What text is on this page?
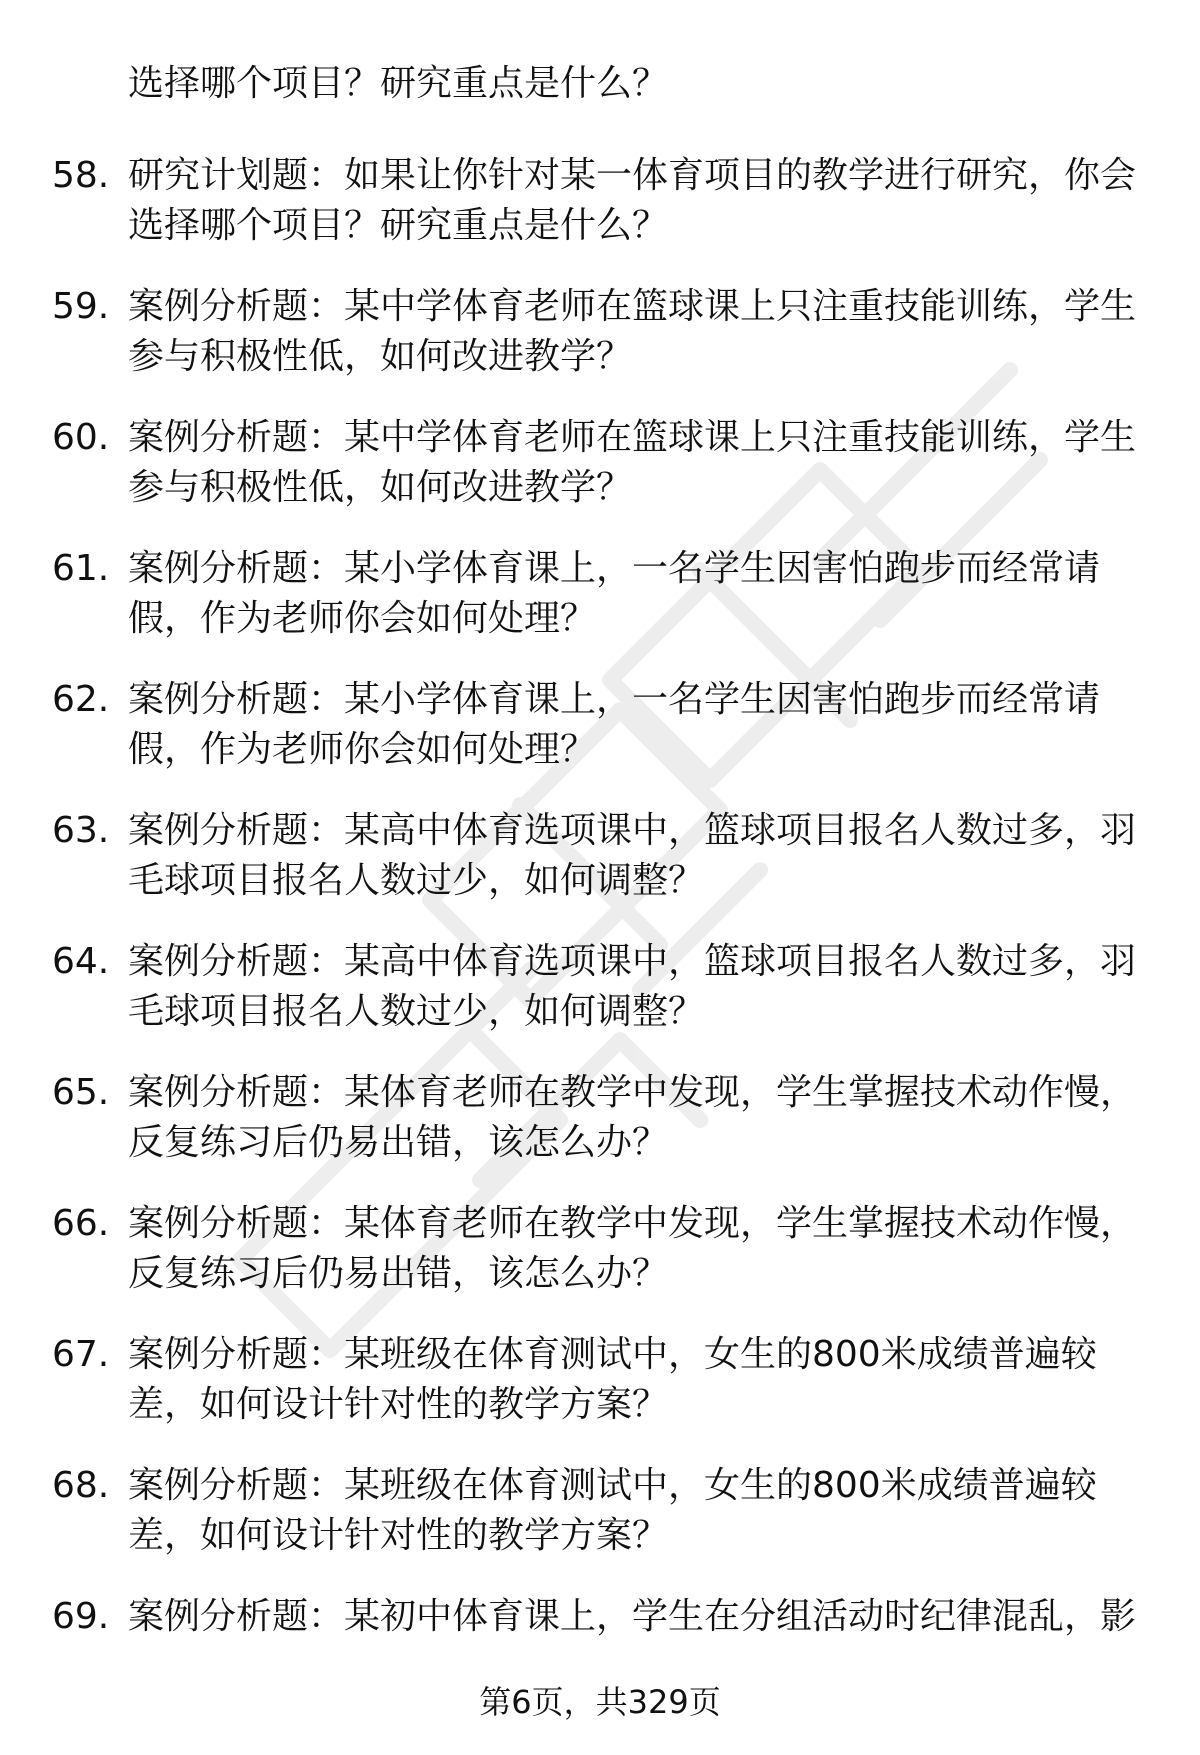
选择哪个项目？研究重点是什么？
58. 研究计划题：如果让你针对某一体育项目的教学进行研究，你会
选择哪个项目？研究重点是什么？
59. 案例分析题：某中学体育老师在篮球课上只注重技能训练，学生
参与积极性低，如何改进教学？
60. 案例分析题：某中学体育老师在篮球课上只注重技能训练，学生
参与积极性低，如何改进教学？
61. 案例分析题：某小学体育课上，一名学生因害怕跑步而经常请
假，作为老师你会如何处理？
62. 案例分析题：某小学体育课上，一名学生因害怕跑步而经常请
假，作为老师你会如何处理？
63. 案例分析题：某高中体育选项课中，篮球项目报名人数过多，羽
毛球项目报名人数过少，如何调整？
64. 案例分析题：某高中体育选项课中，篮球项目报名人数过多，羽
毛球项目报名人数过少，如何调整？
65. 案例分析题：某体育老师在教学中发现，学生掌握技术动作慢，
反复练习后仍易出错，该怎么办？
66. 案例分析题：某体育老师在教学中发现，学生掌握技术动作慢，
反复练习后仍易出错，该怎么办？
67. 案例分析题：某班级在体育测试中，女生的800米成绩普遍较
差，如何设计针对性的教学方案？
68. 案例分析题：某班级在体育测试中，女生的800米成绩普遍较
差，如何设计针对性的教学方案？
69. 案例分析题：某初中体育课上，学生在分组活动时纪律混乱，影
第6页，共329页
